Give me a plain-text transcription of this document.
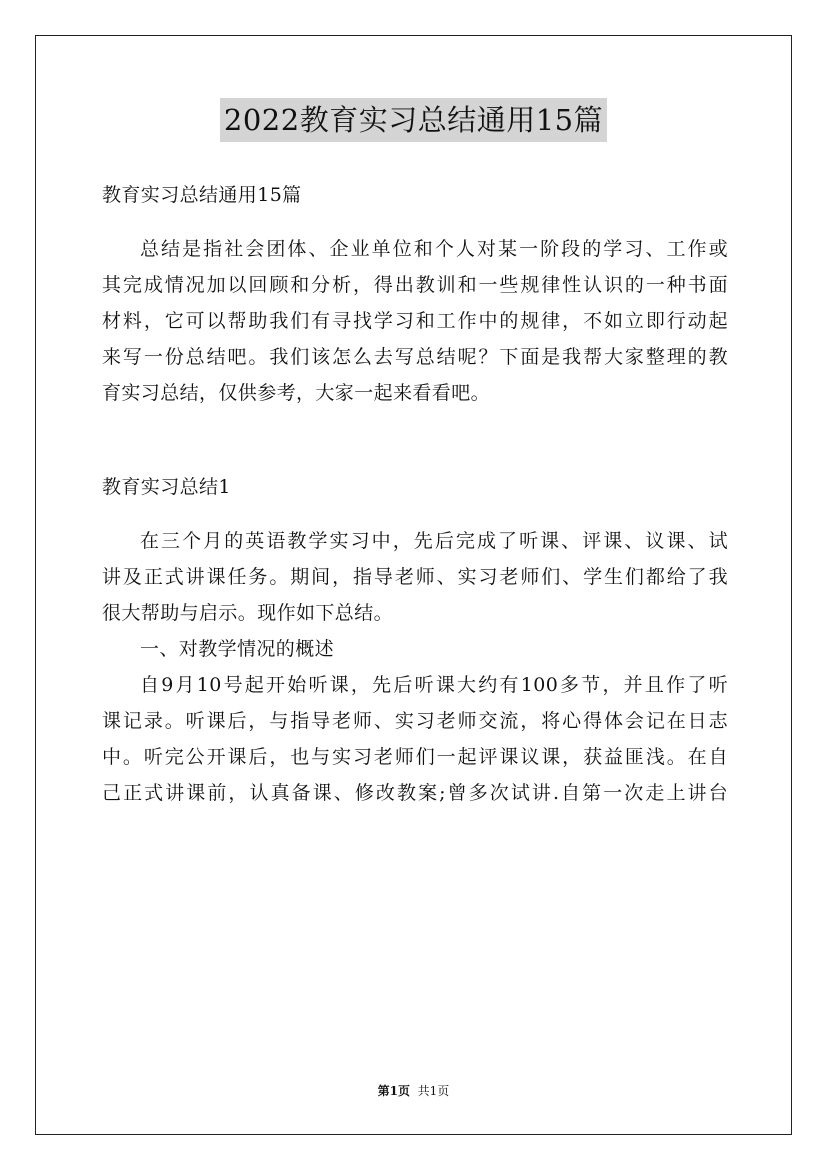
2022教育实习总结通用15篇

教育实习总结通用15篇

总结是指社会团体、企业单位和个人对某一阶段的学习、工作或
其完成情况加以回顾和分析，得出教训和一些规律性认识的一种书面
材料，它可以帮助我们有寻找学习和工作中的规律，不如立即行动起
来写一份总结吧。我们该怎么去写总结呢？下面是我帮大家整理的教
育实习总结，仅供参考，大家一起来看看吧。

教育实习总结1

在三个月的英语教学实习中，先后完成了听课、评课、议课、试
讲及正式讲课任务。期间，指导老师、实习老师们、学生们都给了我
很大帮助与启示。现作如下总结。

一、对教学情况的概述

自9月10号起开始听课，先后听课大约有100多节，并且作了听
课记录。听课后，与指导老师、实习老师交流，将心得体会记在日志
中。听完公开课后，也与实习老师们一起评课议课，获益匪浅。在自
己正式讲课前，认真备课、修改教案;曾多次试讲.自第一次走上讲台

第1页 共1页
